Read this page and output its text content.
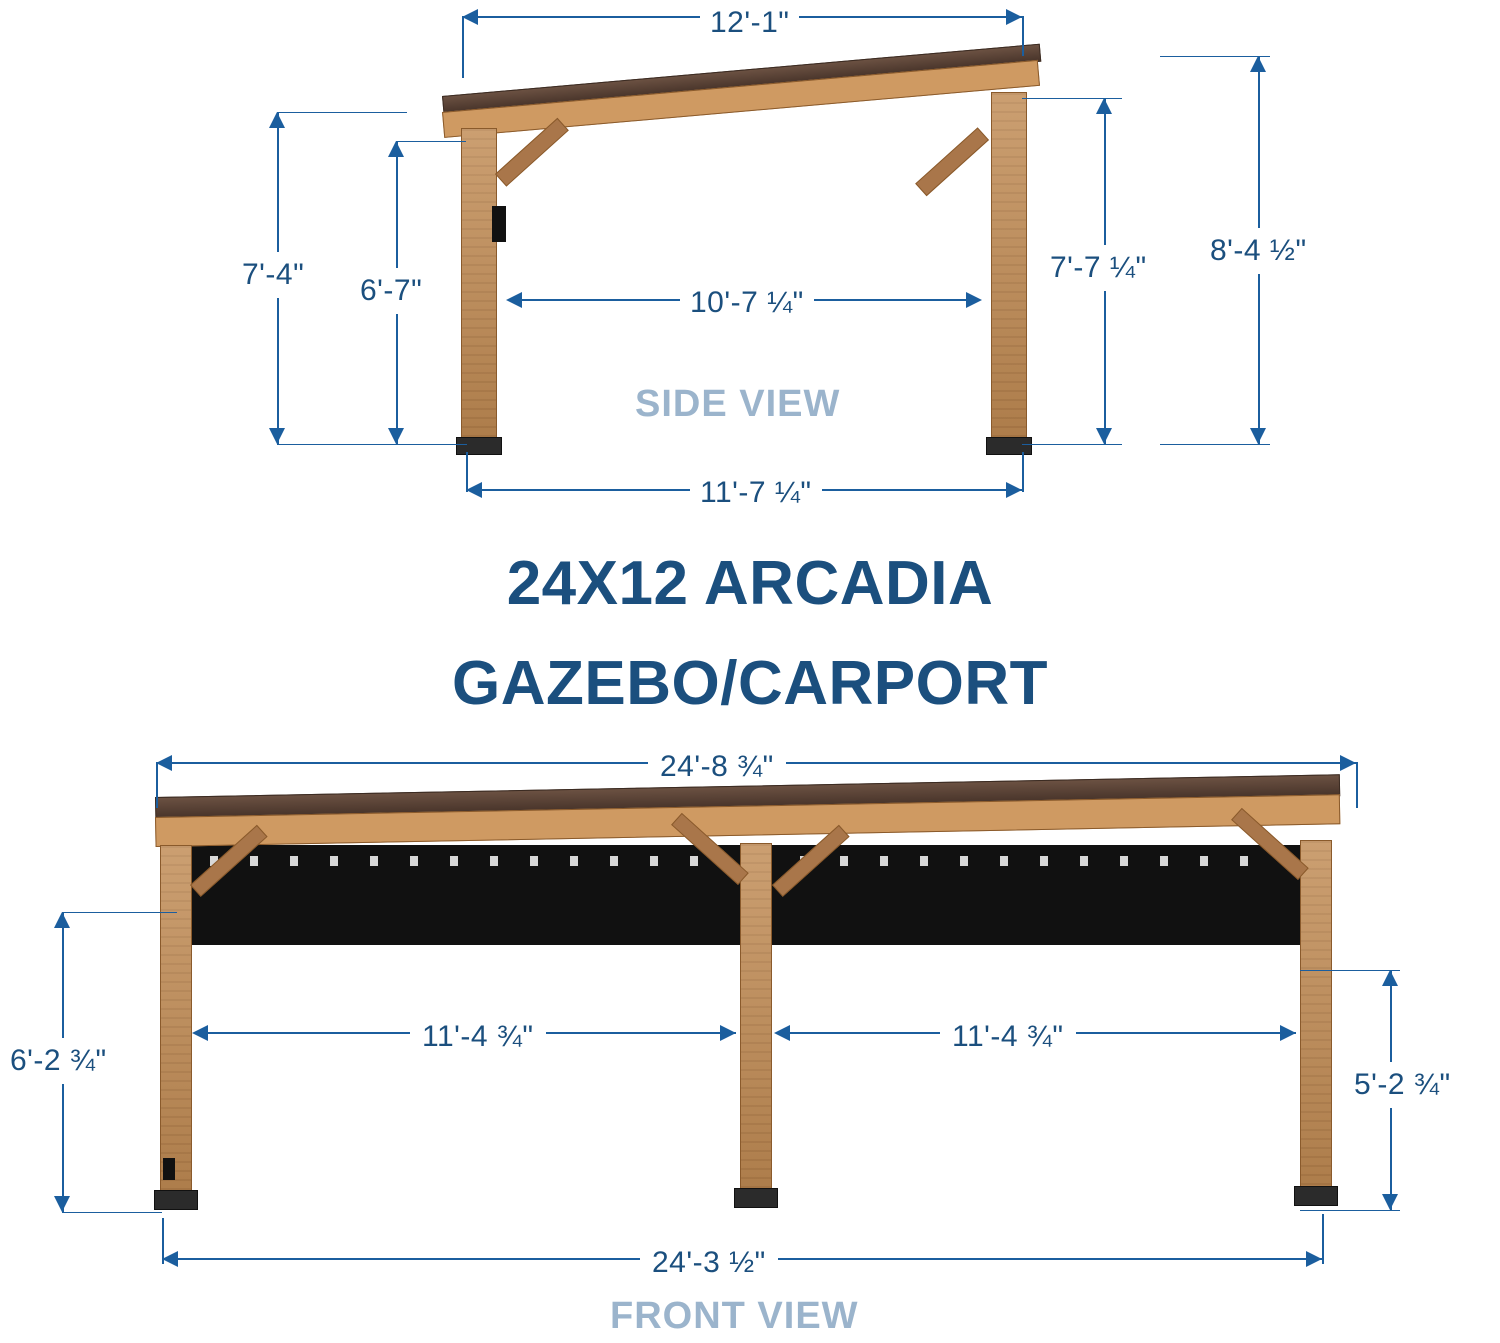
12'-1"
7'-4" 6'-7"	10'-7 ¼"
7'-7 ¼"
8'-4 ½"
11'-7 ¼"
SIDE VIEW
24X12 ARCADIA
GAZEBO/CARPORT
24'-8 ¾"
6'-2 ¾"
11'-4 ¾"	11'-4 ¾"
5'-2 ¾"
24'-3 ½"
FRONT VIEW
